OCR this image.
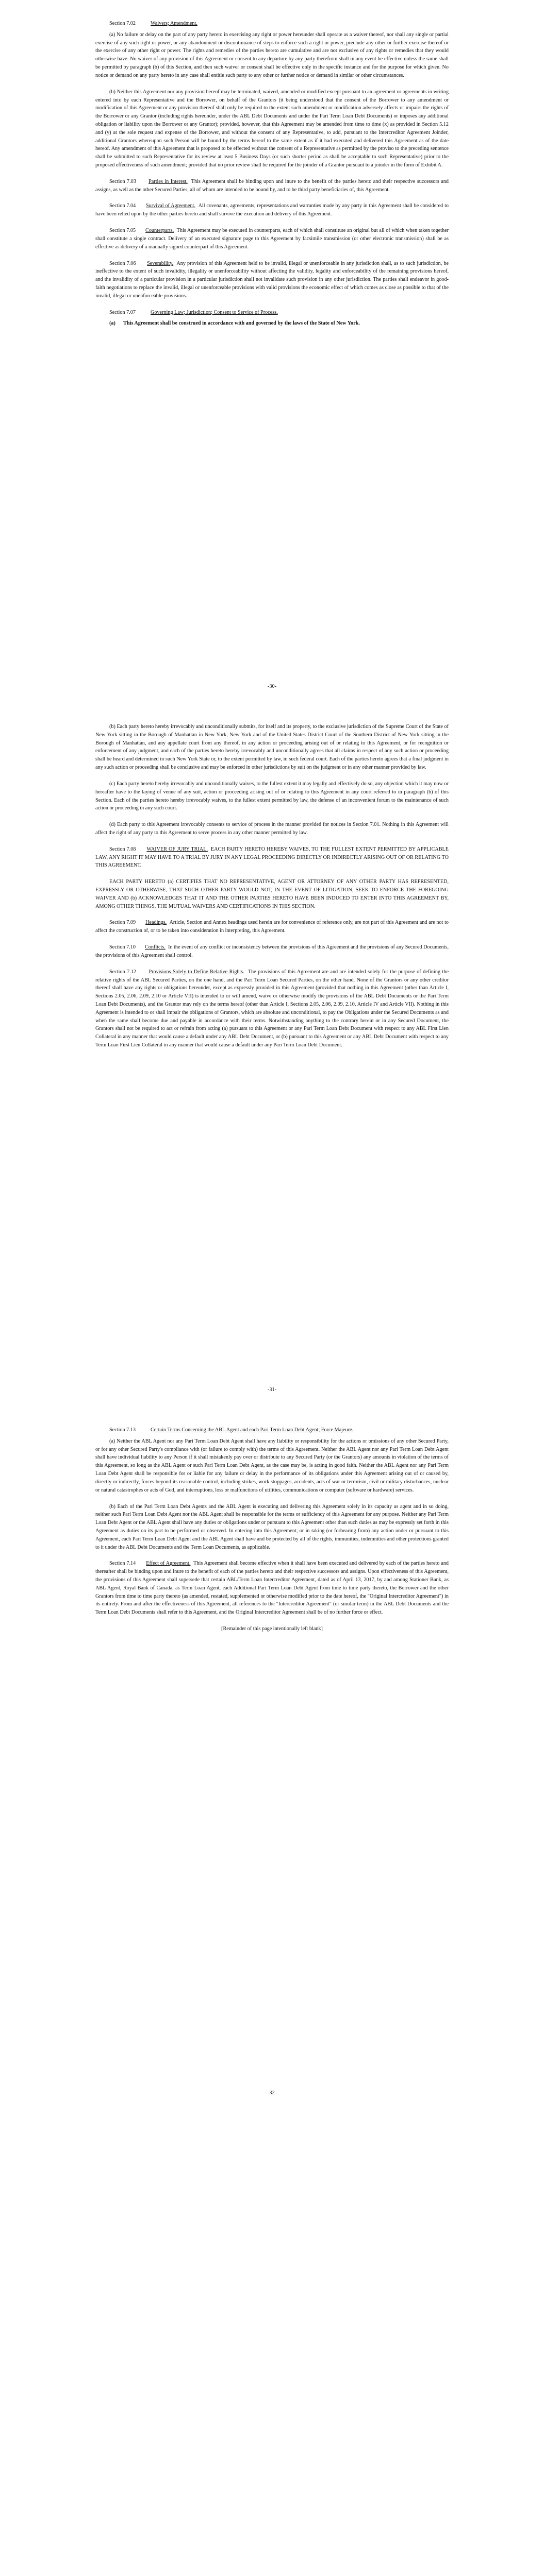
Section 7.02	Waivers; Amendment.

(a) No failure or delay on the part of any party hereto in exercising any right or power hereunder shall operate as a waiver thereof, nor shall any single or partial exercise of any such right or power, or any abandonment or discontinuance of steps to enforce such a right or power, preclude any other or further exercise thereof or the exercise of any other right or power. The rights and remedies of the parties hereto are cumulative and are not exclusive of any rights or remedies that they would otherwise have. No waiver of any provision of this Agreement or consent to any departure by any party therefrom shall in any event be effective unless the same shall be permitted by paragraph (b) of this Section, and then such waiver or consent shall be effective only in the specific instance and for the purpose for which given. No notice or demand on any party hereto in any case shall entitle such party to any other or further notice or demand in similar or other circumstances.

(b) Neither this Agreement nor any provision hereof may be terminated, waived, amended or modified except pursuant to an agreement or agreements in writing entered into by each Representative and the Borrower, on behalf of the Grantors (it being understood that the consent of the Borrower to any amendment or modification of this Agreement or any provision thereof shall only be required to the extent such amendment or modification adversely affects or impairs the rights of the Borrower or any Grantor (including rights hereunder, under the ABL Debt Documents and under the Pari Term Loan Debt Documents) or imposes any additional obligation or liability upon the Borrower or any Grantor); provided, however, that this Agreement may be amended from time to time (x) as provided in Section 5.12 and (y) at the sole request and expense of the Borrower, and without the consent of any Representative, to add, pursuant to the Intercreditor Agreement Joinder, additional Grantors whereupon such Person will be bound by the terms hereof to the same extent as if it had executed and delivered this Agreement as of the date hereof. Any amendment of this Agreement that is proposed to be effected without the consent of a Representative as permitted by the proviso to the preceding sentence shall be submitted to such Representative for its review at least 5 Business Days (or such shorter period as shall be acceptable to such Representative) prior to the proposed effectiveness of such amendment; provided that no prior review shall be required for the joinder of a Grantor pursuant to a joinder in the form of Exhibit A.

Section 7.03 Parties in Interest. This Agreement shall be binding upon and inure to the benefit of the parties hereto and their respective successors and assigns, as well as the other Secured Parties, all of whom are intended to be bound by, and to be third party beneficiaries of, this Agreement.

Section 7.04 Survival of Agreement. All covenants, agreements, representations and warranties made by any party in this Agreement shall be considered to have been relied upon by the other parties hereto and shall survive the execution and delivery of this Agreement.

Section 7.05 Counterparts. This Agreement may be executed in counterparts, each of which shall constitute an original but all of which when taken together shall constitute a single contract. Delivery of an executed signature page to this Agreement by facsimile transmission (or other electronic transmission) shall be as effective as delivery of a manually signed counterpart of this Agreement.

Section 7.06 Severability. Any provision of this Agreement held to be invalid, illegal or unenforceable in any jurisdiction shall, as to such jurisdiction, be ineffective to the extent of such invalidity, illegality or unenforceability without affecting the validity, legality and enforceability of the remaining provisions hereof, and the invalidity of a particular provision in a particular jurisdiction shall not invalidate such provision in any other jurisdiction. The parties shall endeavor in good-faith negotiations to replace the invalid, illegal or unenforceable provisions with valid provisions the economic effect of which comes as close as possible to that of the invalid, illegal or unenforceable provisions.

Section 7.07	Governing Law; Jurisdiction; Consent to Service of Process.

(a) This Agreement shall be construed in accordance with and governed by the laws of the State of New York.

-30-

(b) Each party hereto hereby irrevocably and unconditionally submits, for itself and its property, to the exclusive jurisdiction of the Supreme Court of the State of New York sitting in the Borough of Manhattan in New York, New York and of the United States District Court of the Southern District of New York sitting in the Borough of Manhattan, and any appellate court from any thereof, in any action or proceeding arising out of or relating to this Agreement, or for recognition or enforcement of any judgment, and each of the parties hereto hereby irrevocably and unconditionally agrees that all claims in respect of any such action or proceeding shall be heard and determined in such New York State or, to the extent permitted by law, in such federal court. Each of the parties hereto agrees that a final judgment in any such action or proceeding shall be conclusive and may be enforced in other jurisdictions by suit on the judgment or in any other manner provided by law.

(c) Each party hereto hereby irrevocably and unconditionally waives, to the fullest extent it may legally and effectively do so, any objection which it may now or hereafter have to the laying of venue of any suit, action or proceeding arising out of or relating to this Agreement in any court referred to in paragraph (b) of this Section. Each of the parties hereto hereby irrevocably waives, to the fullest extent permitted by law, the defense of an inconvenient forum to the maintenance of such action or proceeding in any such court.

(d) Each party to this Agreement irrevocably consents to service of process in the manner provided for notices in Section 7.01. Nothing in this Agreement will affect the right of any party to this Agreement to serve process in any other manner permitted by law.

Section 7.08 WAIVER OF JURY TRIAL. EACH PARTY HERETO HEREBY WAIVES, TO THE FULLEST EXTENT PERMITTED BY APPLICABLE LAW, ANY RIGHT IT MAY HAVE TO A TRIAL BY JURY IN ANY LEGAL PROCEEDING DIRECTLY OR INDIRECTLY ARISING OUT OF OR RELATING TO THIS AGREEMENT.

EACH PARTY HERETO (a) CERTIFIES THAT NO REPRESENTATIVE, AGENT OR ATTORNEY OF ANY OTHER PARTY HAS REPRESENTED, EXPRESSLY OR OTHERWISE, THAT SUCH OTHER PARTY WOULD NOT, IN THE EVENT OF LITIGATION, SEEK TO ENFORCE THE FOREGOING WAIVER AND (b) ACKNOWLEDGES THAT IT AND THE OTHER PARTIES HERETO HAVE BEEN INDUCED TO ENTER INTO THIS AGREEMENT BY, AMONG OTHER THINGS, THE MUTUAL WAIVERS AND CERTIFICATIONS IN THIS SECTION.

Section 7.09 Headings. Article, Section and Annex headings used herein are for convenience of reference only, are not part of this Agreement and are not to affect the construction of, or to be taken into consideration in interpreting, this Agreement.

Section 7.10 Conflicts. In the event of any conflict or inconsistency between the provisions of this Agreement and the provisions of any Secured Documents, the provisions of this Agreement shall control.

Section 7.12 Provisions Solely to Define Relative Rights. The provisions of this Agreement are and are intended solely for the purpose of defining the relative rights of the ABL Secured Parties, on the one hand, and the Pari Term Loan Secured Parties, on the other hand. None of the Grantors or any other creditor thereof shall have any rights or obligations hereunder, except as expressly provided in this Agreement (provided that nothing in this Agreement (other than Article I, Sections 2.05, 2.06, 2.09, 2.10 or Article VII) is intended to or will amend, waive or otherwise modify the provisions of the ABL Debt Documents or the Pari Term Loan Debt Documents), and the Grantor may rely on the terms hereof (other than Article I, Sections 2.05, 2.06, 2.09, 2.10, Article IV and Article VII). Nothing in this Agreement is intended to or shall impair the obligations of Grantors, which are absolute and unconditional, to pay the Obligations under the Secured Documents as and when the same shall become due and payable in accordance with their terms. Notwithstanding anything to the contrary herein or in any Secured Document, the Grantors shall not be required to act or refrain from acting (a) pursuant to this Agreement or any Pari Term Loan Debt Document with respect to any ABL First Lien Collateral in any manner that would cause a default under any ABL Debt Document, or (b) pursuant to this Agreement or any ABL Debt Document with respect to any Term Loan First Lien Collateral in any manner that would cause a default under any Pari Term Loan Debt Document.

-31-
Section 7.13	Certain Terms Concerning the ABL Agent and each Pari Term Loan Debt Agent; Force Majeure.

(a) Neither the ABL Agent nor any Pari Term Loan Debt Agent shall have any liability or responsibility for the actions or omissions of any other Secured Party, or for any other Secured Party's compliance with (or failure to comply with) the terms of this Agreement. Neither the ABL Agent nor any Pari Term Loan Debt Agent shall have individual liability to any Person if it shall mistakenly pay over or distribute to any Secured Party (or the Grantors) any amounts in violation of the terms of this Agreement, so long as the ABL Agent or such Pari Term Loan Debt Agent, as the case may be, is acting in good faith. Neither the ABL Agent nor any Pari Term Loan Debt Agent shall be responsible for or liable for any failure or delay in the performance of its obligations under this Agreement arising out of or caused by, directly or indirectly, forces beyond its reasonable control, including strikes, work stoppages, accidents, acts of war or terrorism, civil or military disturbances, nuclear or natural catastrophes or acts of God, and interruptions, loss or malfunctions of utilities, communications or computer (software or hardware) services.

(b) Each of the Pari Term Loan Debt Agents and the ABL Agent is executing and delivering this Agreement solely in its capacity as agent and in so doing, neither such Pari Term Loan Debt Agent nor the ABL Agent shall be responsible for the terms or sufficiency of this Agreement for any purpose. Neither any Pari Term Loan Debt Agent or the ABL Agent shall have any duties or obligations under or pursuant to this Agreement other than such duties as may be expressly set forth in this Agreement as duties on its part to be performed or observed. In entering into this Agreement, or in taking (or forbearing from) any action under or pursuant to this Agreement, each Pari Term Loan Debt Agent and the ABL Agent shall have and be protected by all of the rights, immunities, indemnities and other protections granted to it under the ABL Debt Documents and the Term Loan Documents, as applicable.

Section 7.14 Effect of Agreement. This Agreement shall become effective when it shall have been executed and delivered by each of the parties hereto and thereafter shall be binding upon and inure to the benefit of each of the parties hereto and their respective successors and assigns. Upon effectiveness of this Agreement, the provisions of this Agreement shall supersede that certain ABL/Term Loan Intercreditor Agreement, dated as of April 13, 2017, by and among Stationer Bank, as ABL Agent, Royal Bank of Canada, as Term Loan Agent, each Additional Pari Term Loan Debt Agent from time to time party thereto, the Borrower and the other Grantors from time to time party thereto (as amended, restated, supplemented or otherwise modified prior to the date hereof, the "Original Intercreditor Agreement") in its entirety. From and after the effectiveness of this Agreement, all references to the "Intercreditor Agreement" (or similar term) in the ABL Debt Documents and the Term Loan Debt Documents shall refer to this Agreement, and the Original Intercreditor Agreement shall be of no further force or effect.

[Remainder of this page intentionally left blank]

-32-
